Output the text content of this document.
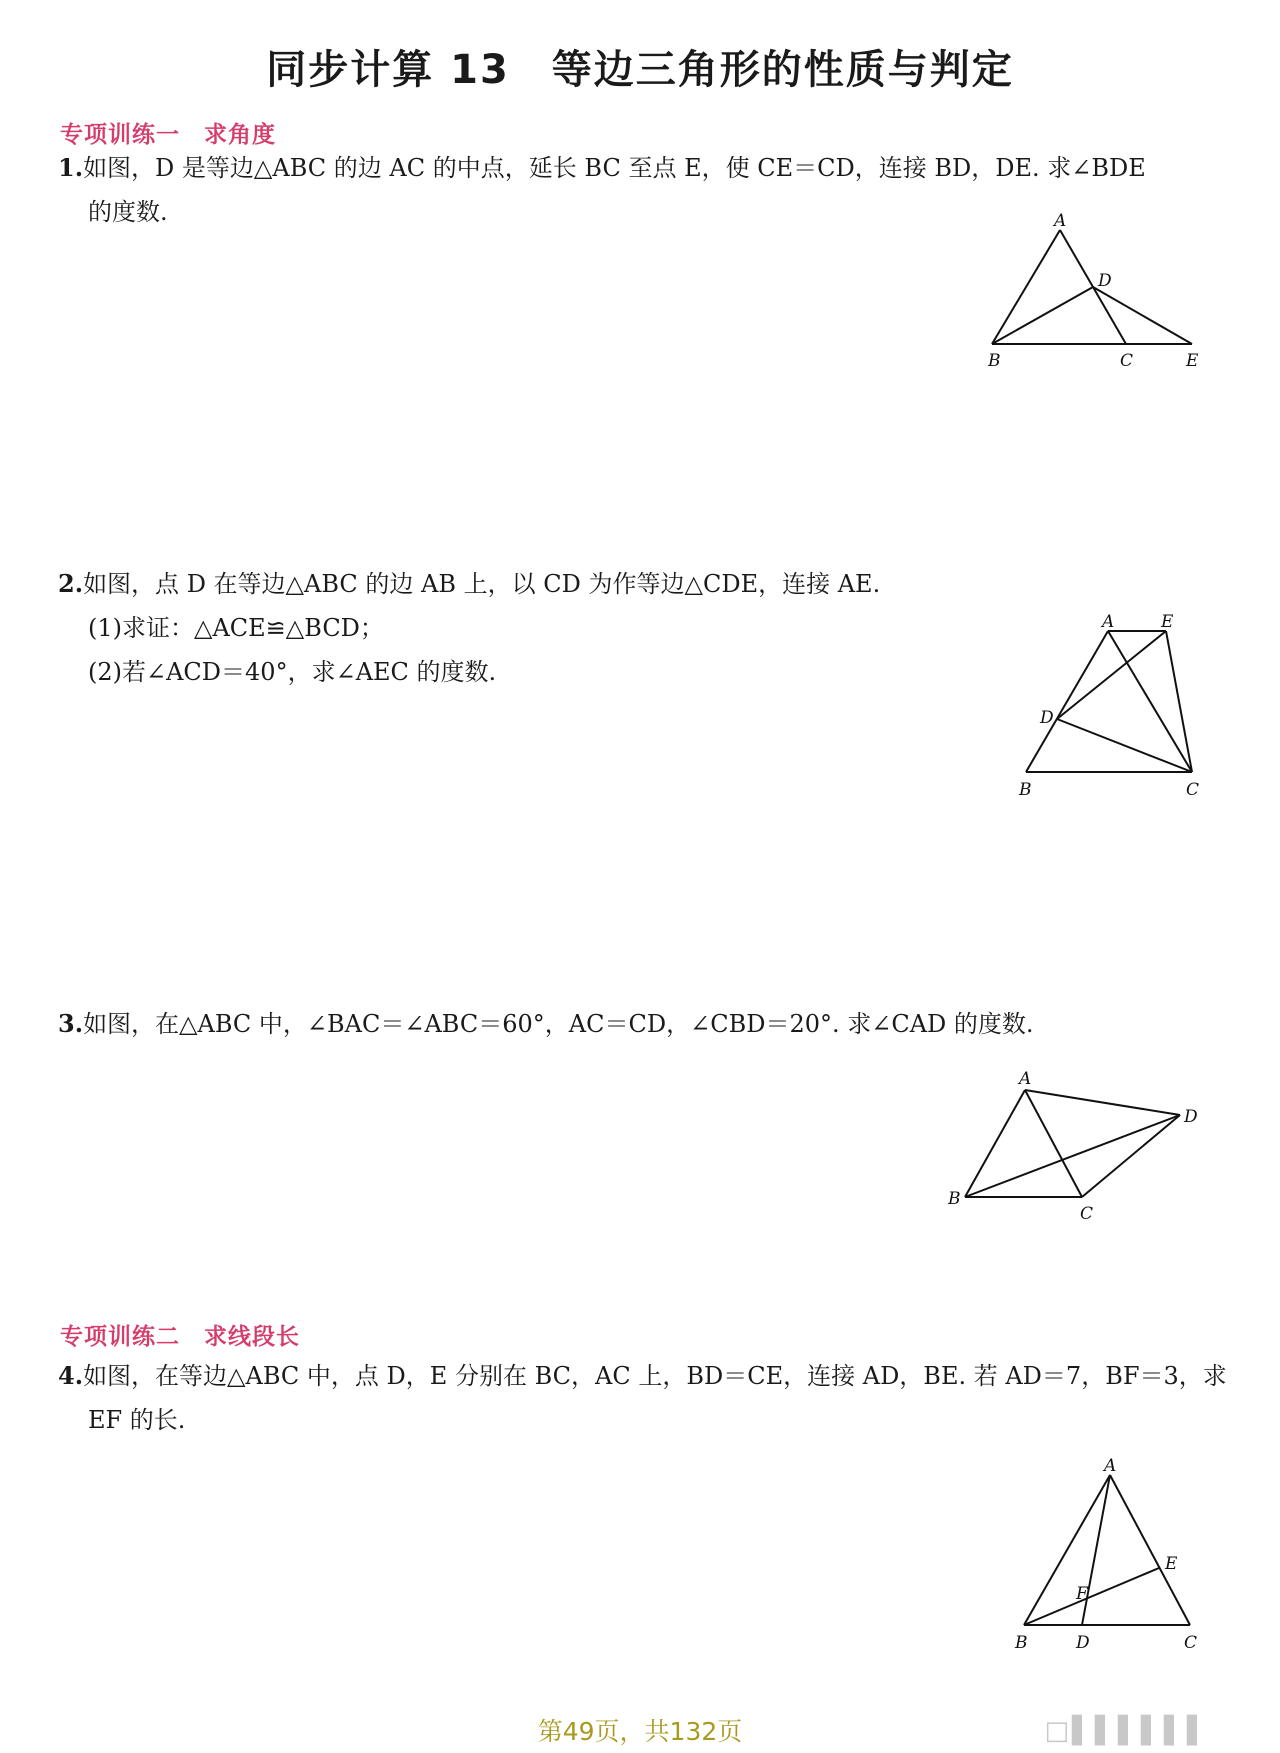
同步计算 13　等边三角形的性质与判定
专项训练一　求角度
1.如图，D 是等边△ABC 的边 AC 的中点，延长 BC 至点 E，使 CE＝CD，连接 BD，DE. 求∠BDE
的度数.	A
D
B	C	E
2.如图，点 D 在等边△ABC 的边 AB 上，以 CD 为作等边△CDE，连接 AE.
(1)求证：△ACE≌△BCD；
(2)若∠ACD＝40°，求∠AEC 的度数.
A	E
D
B	C
3.如图，在△ABC 中，∠BAC＝∠ABC＝60°，AC＝CD，∠CBD＝20°. 求∠CAD 的度数.
A
D
B
C
专项训练二　求线段长
4.如图，在等边△ABC 中，点 D，E 分别在 BC，AC 上，BD＝CE，连接 AD，BE. 若 AD＝7，BF＝3，求
EF 的长.
A
E
F
B	D	C
第49页，共132页	□▌▌▌▌▌▌
